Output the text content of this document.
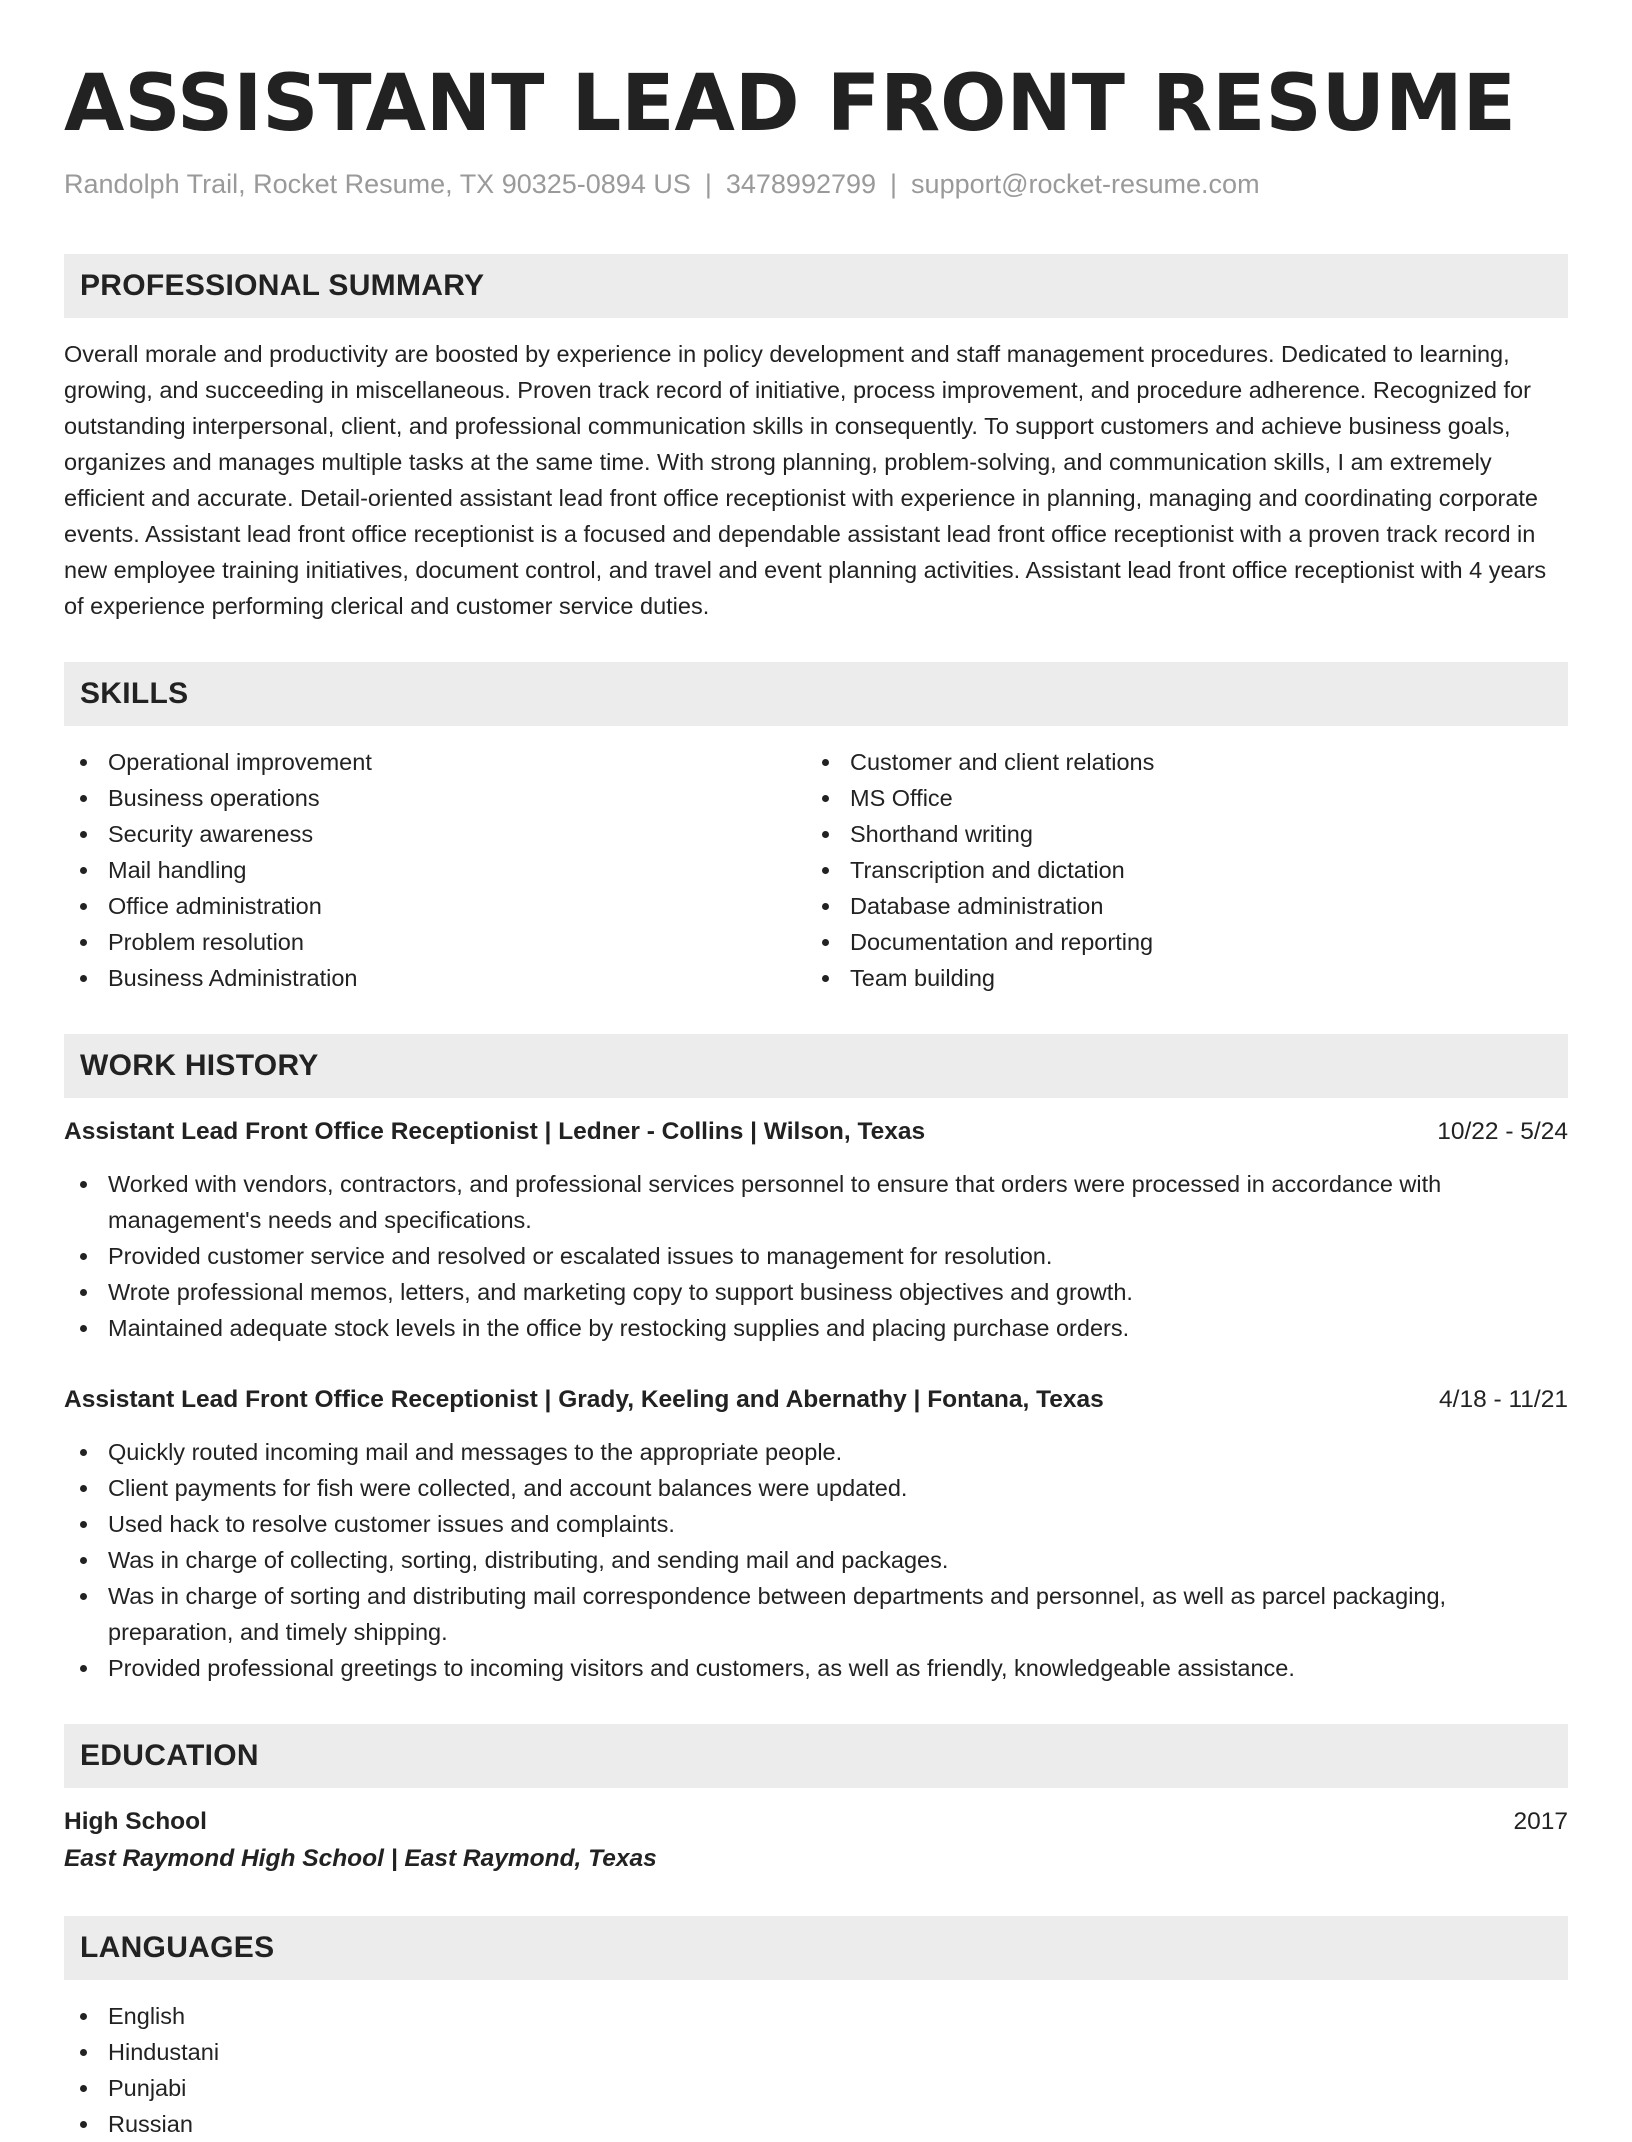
ASSISTANT LEAD FRONT RESUME
Randolph Trail, Rocket Resume, TX 90325-0894 US | 3478992799 | support@rocket-resume.com
PROFESSIONAL SUMMARY

Overall morale and productivity are boosted by experience in policy development and staff management procedures. Dedicated to learning, growing, and succeeding in miscellaneous. Proven track record of initiative, process improvement, and procedure adherence. Recognized for outstanding interpersonal, client, and professional communication skills in consequently. To support customers and achieve business goals, organizes and manages multiple tasks at the same time. With strong planning, problem-solving, and communication skills, I am extremely efficient and accurate. Detail-oriented assistant lead front office receptionist with experience in planning, managing and coordinating corporate events. Assistant lead front office receptionist is a focused and dependable assistant lead front office receptionist with a proven track record in new employee training initiatives, document control, and travel and event planning activities. Assistant lead front office receptionist with 4 years of experience performing clerical and customer service duties.

SKILLS
Operational improvement
Business operations
Security awareness
Mail handling
Office administration
Problem resolution
Business Administration
Customer and client relations
MS Office
Shorthand writing
Transcription and dictation
Database administration
Documentation and reporting
Team building
WORK HISTORY
Assistant Lead Front Office Receptionist | Ledner - Collins | Wilson, Texas	10/22 - 5/24
Worked with vendors, contractors, and professional services personnel to ensure that orders were processed in accordance with management's needs and specifications.
Provided customer service and resolved or escalated issues to management for resolution.
Wrote professional memos, letters, and marketing copy to support business objectives and growth.
Maintained adequate stock levels in the office by restocking supplies and placing purchase orders.
Assistant Lead Front Office Receptionist | Grady, Keeling and Abernathy | Fontana, Texas	4/18 - 11/21
Quickly routed incoming mail and messages to the appropriate people.
Client payments for fish were collected, and account balances were updated.
Used hack to resolve customer issues and complaints.
Was in charge of collecting, sorting, distributing, and sending mail and packages.
Was in charge of sorting and distributing mail correspondence between departments and personnel, as well as parcel packaging, preparation, and timely shipping.
Provided professional greetings to incoming visitors and customers, as well as friendly, knowledgeable assistance.
EDUCATION
High School	2017
East Raymond High School | East Raymond, Texas
LANGUAGES
English
Hindustani
Punjabi
Russian
